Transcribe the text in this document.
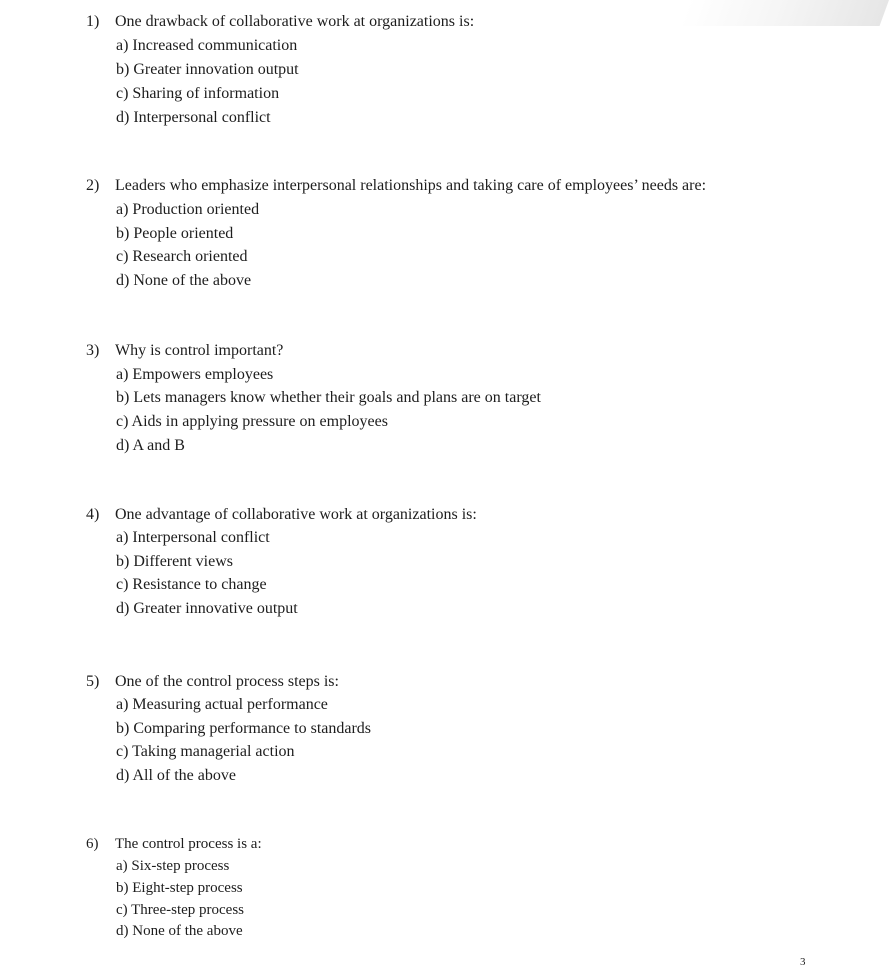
1) One drawback of collaborative work at organizations is:
a) Increased communication
b) Greater innovation output
c) Sharing of information
d) Interpersonal conflict
2) Leaders who emphasize interpersonal relationships and taking care of employees’ needs are:
a) Production oriented
b) People oriented
c) Research oriented
d) None of the above
3) Why is control important?
a) Empowers employees
b) Lets managers know whether their goals and plans are on target
c) Aids in applying pressure on employees
d) A and B
4) One advantage of collaborative work at organizations is:
a) Interpersonal conflict
b) Different views
c) Resistance to change
d) Greater innovative output
5) One of the control process steps is:
a) Measuring actual performance
b) Comparing performance to standards
c) Taking managerial action
d) All of the above
6) The control process is a:
a) Six-step process
b) Eight-step process
c) Three-step process
d) None of the above
3
